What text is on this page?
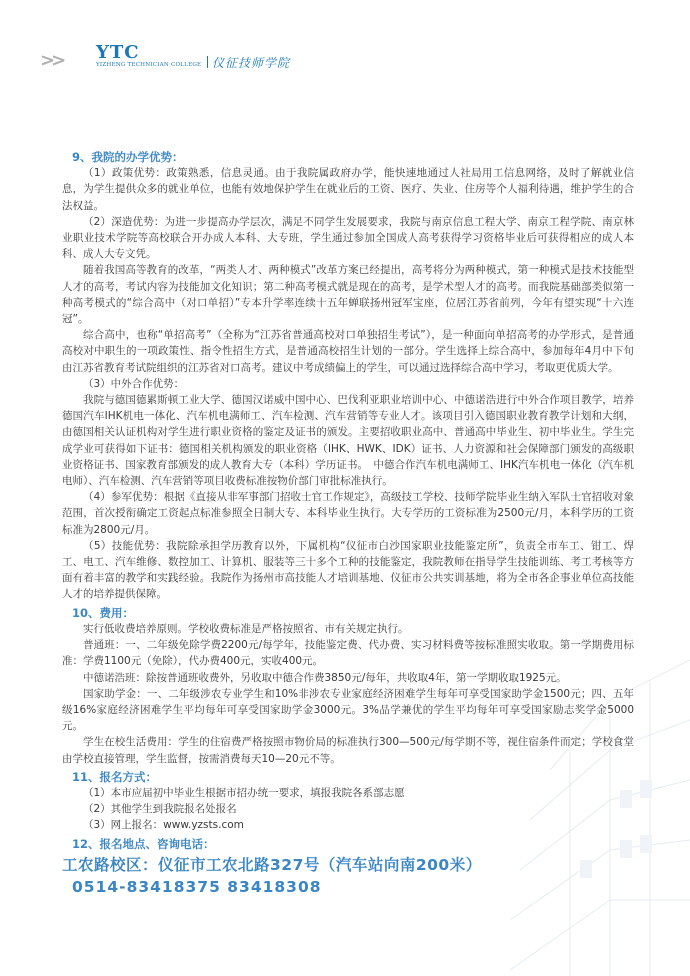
>> YTC
YIZHENG TECHNICIAN COLLEGE 仪征技师学院

9、我院的办学优势：

（1）政策优势：政策熟悉，信息灵通。由于我院属政府办学，能快速地通过人社局用工信息网络，及时了解就业信息，为学生提供众多的就业单位，也能有效地保护学生在就业后的工资、医疗、失业、住房等个人福利待遇，维护学生的合法权益。

（2）深造优势：为进一步提高办学层次，满足不同学生发展要求，我院与南京信息工程大学、南京工程学院、南京林业职业技术学院等高校联合开办成人本科、大专班，学生通过参加全国成人高考获得学习资格毕业后可获得相应的成人本科、成人大专文凭。

随着我国高等教育的改革，“两类人才、两种模式”改革方案已经提出，高考将分为两种模式，第一种模式是技术技能型人才的高考，考试内容为技能加文化知识；第二种高考模式就是现在的高考，是学术型人才的高考。而我院基础部类似第一种高考模式的“综合高中（对口单招）”专本升学率连续十五年蝉联扬州冠军宝座，位居江苏省前列，今年有望实现“十六连冠”。

综合高中，也称“单招高考”（全称为“江苏省普通高校对口单独招生考试”），是一种面向单招高考的办学形式，是普通高校对中职生的一项政策性、指令性招生方式，是普通高校招生计划的一部分。学生选择上综合高中，参加每年4月中下旬由江苏省教育考试院组织的江苏省对口高考。建议中考成绩偏上的学生，可以通过选择综合高中学习，考取更优质大学。

（3）中外合作优势：

我院与德国德累斯顿工业大学、德国汉诺威中国中心、巴伐利亚职业培训中心、中德诺浩进行中外合作项目教学，培养德国汽车IHK机电一体化、汽车机电满师工、汽车检测、汽车营销等专业人才。该项目引入德国职业教育教学计划和大纲，由德国相关认证机构对学生进行职业资格的鉴定及证书的颁发。主要招收职业高中、普通高中毕业生、初中毕业生。学生完成学业可获得如下证书：德国相关机构颁发的职业资格（IHK、HWK、IDK）证书、人力资源和社会保障部门颁发的高级职业资格证书、国家教育部颁发的成人教育大专（本科）学历证书。　中德合作汽车机电满师工、IHK汽车机电一体化（汽车机电师）、汽车检测、汽车营销等项目收费标准按物价部门审批标准执行。

（4）参军优势：根据《直接从非军事部门招收士官工作规定》，高级技工学校、技师学院毕业生纳入军队士官招收对象范围，首次授衔确定工资起点标准参照全日制大专、本科毕业生执行。大专学历的工资标准为2500元/月，本科学历的工资标准为2800元/月。

（5）技能优势：我院除承担学历教育以外，下属机构“仪征市白沙国家职业技能鉴定所”，负责全市车工、钳工、焊工、电工、汽车维修、数控加工、计算机、服装等三十多个工种的技能鉴定，我院教师在指导学生技能训练、考工考核等方面有着丰富的教学和实践经验。我院作为扬州市高技能人才培训基地、仪征市公共实训基地，将为全市各企事业单位高技能人才的培养提供保障。

10、费用：

实行低收费培养原则。学校收费标准是严格按照省、市有关规定执行。

普通班：一、二年级免除学费2200元/每学年，技能鉴定费、代办费、实习材料费等按标准照实收取。第一学期费用标准：学费1100元（免除），代办费400元，实收400元。

中德诺浩班：除按普通班收费外，另收取中德合作费3850元/每年，共收取4年，第一学期收取1925元。

国家助学金：一、二年级涉农专业学生和10%非涉农专业家庭经济困难学生每年可享受国家助学金1500元；四、五年级16%家庭经济困难学生平均每年可享受国家助学金3000元。3%品学兼优的学生平均每年可享受国家励志奖学金5000元。

学生在校生活费用：学生的住宿费严格按照市物价局的标准执行300—500元/每学期不等，视住宿条件而定；学校食堂由学校直接管理，学生监督，按需消费每天10—20元不等。

11、报名方式：

（1）本市应届初中毕业生根据市招办统一要求，填报我院各系部志愿

（2）其他学生到我院报名处报名

（3）网上报名：www.yzsts.com

12、报名地点、咨询电话：

工农路校区：仪征市工农北路327号（汽车站向南200米）

0514-83418375 83418308
